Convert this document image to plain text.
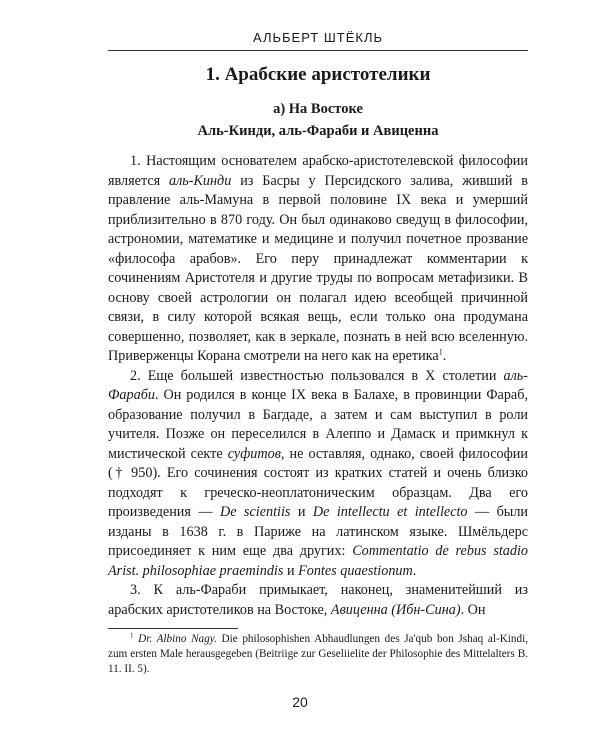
АЛЬБЕРТ ШТЁКЛЬ
1. Арабские аристотелики
а) На Востоке
Аль-Кинди, аль-Фараби и Авиценна

1. Настоящим основателем арабско-аристотелевской философии является аль-Кинди из Басры у Персидского залива, живший в правление аль-Мамуна в первой половине IX века и умерший приблизительно в 870 году. Он был одинаково сведущ в философии, астрономии, математике и медицине и получил почетное прозвание «философа арабов». Его перу принадлежат комментарии к сочинениям Аристотеля и другие труды по вопросам метафизики. В основу своей астрологии он полагал идею всеобщей причинной связи, в силу которой всякая вещь, если только она продумана совершенно, позволяет, как в зеркале, познать в ней всю вселенную. Приверженцы Корана смотрели на него как на еретика$^1$.

2. Еще большей известностью пользовался в X столетии аль-Фараби. Он родился в конце IX века в Балахе, в провинции Фараб, образование получил в Багдаде, а затем и сам выступил в роли учителя. Позже он переселился в Алеппо и Дамаск и примкнул к мистической секте суфитов, не оставляя, однако, своей философии († 950). Его сочинения состоят из кратких статей и очень близко подходят к греческо-неоплатоническим образцам. Два его произведения — De scientiis и De intellectu et intellecto — были изданы в 1638 г. в Париже на латинском языке. Шмёльдерс присоединяет к ним еще два других: Commentatio de rebus stadio Arist. philosophiae praemindis и Fontes quaestionum.

3. К аль-Фараби примыкает, наконец, знаменитейший из арабских аристотеликов на Востоке, Авиценна (Ибн-Сина). Он

$^1$ Dr. Albino Nagy. Die philosophishen Abhaudlungen des Ja'qub bon Jshaq al-Kindi, zum ersten Male herausgegeben (Beitriige zur Geseliielite der Philosophie des Mittelalters B. 11. II. 5).
20
